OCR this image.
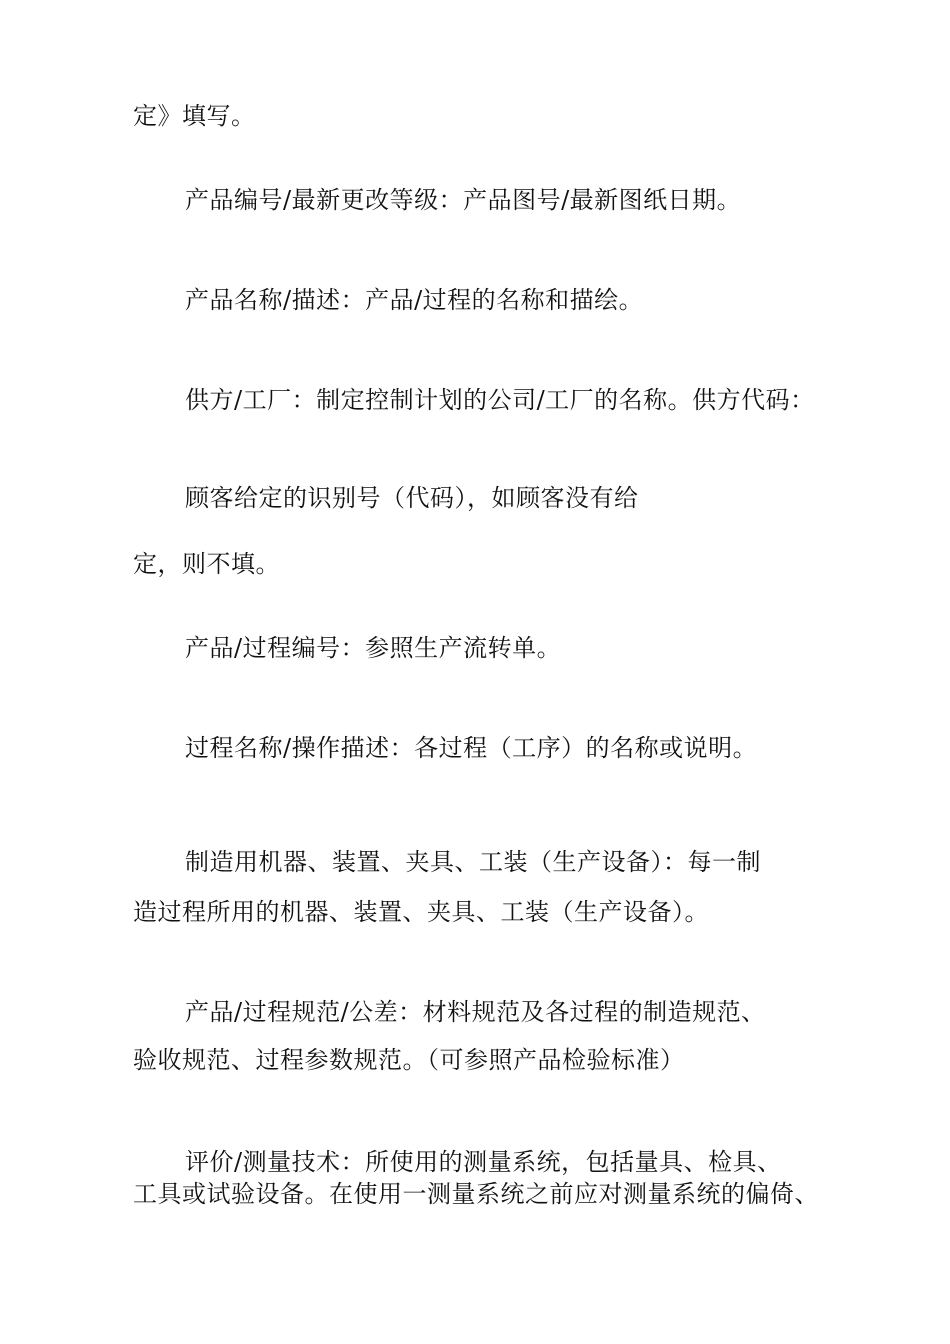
定》填写。
产品编号/最新更改等级：产品图号/最新图纸日期。
产品名称/描述：产品/过程的名称和描绘。
供方/工厂：制定控制计划的公司/工厂的名称。供方代码：
顾客给定的识别号（代码），如顾客没有给
定，则不填。
产品/过程编号：参照生产流转单。
过程名称/操作描述：各过程（工序）的名称或说明。
制造用机器、装置、夹具、工装（生产设备）：每一制
造过程所用的机器、装置、夹具、工装（生产设备）。
产品/过程规范/公差：材料规范及各过程的制造规范、
验收规范、过程参数规范。（可参照产品检验标准）
评价/测量技术：所使用的测量系统，包括量具、检具、
工具或试验设备。在使用一测量系统之前应对测量系统的偏倚、
